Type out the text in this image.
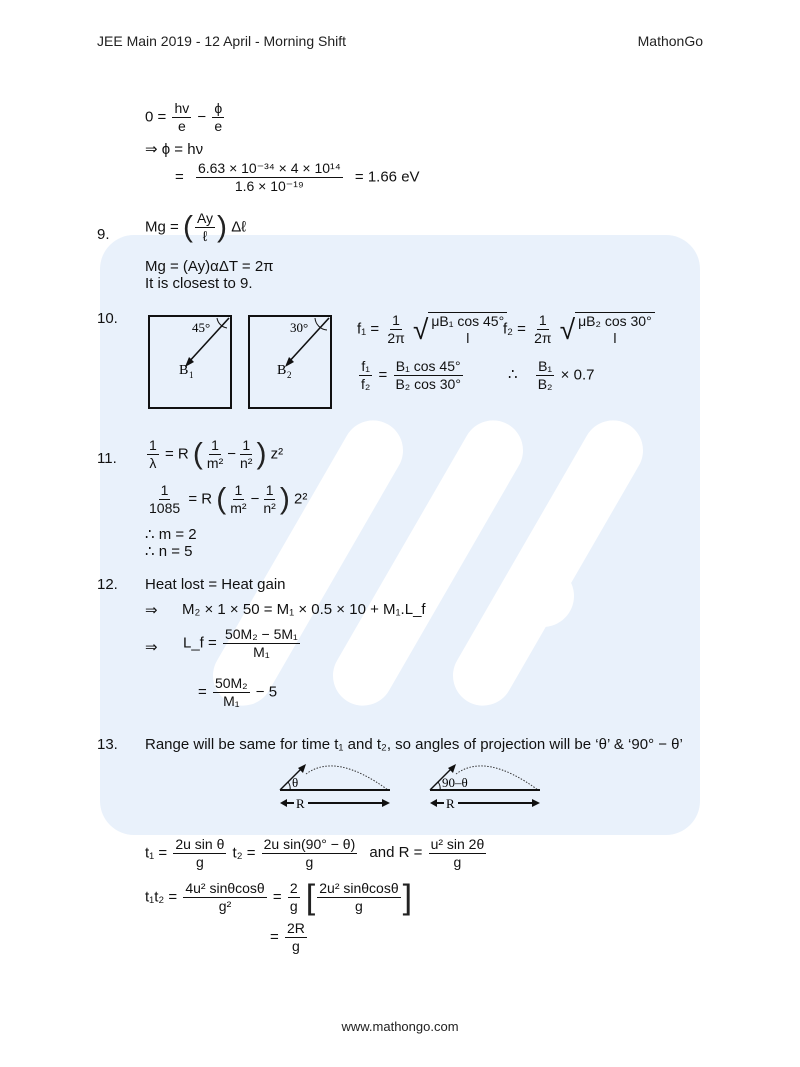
JEE Main 2019 - 12 April - Morning Shift	MathonGo
$0 = \frac{hv}{e} - \frac{\phi}{e}$
⇒ ϕ = hν
= $\frac{\text{6.63 × 10⁻³⁴ × 4 × 10¹⁴}}{\text{1.6 × 10⁻¹⁹}} = 1.66$ eV
9. Mg = ( $\frac{Ay}{\text{ℓ}}$ ) Δℓ
Mg = (Ay)αΔT = 2π
It is closest to 9.
10.
45°
B 1
30°
B 2
$f_1 = \frac{1}{2\pi}$
√ μB₁ cos 45°
l
$f_2 = \frac{1}{2\pi}$
√ μB₂ cos 30°
l
$\frac{\text{f₁}}{\text{f₂}} = \frac{\text{B₁ cos 45°}}{\text{B₂ cos 30°}}$	∴ $\frac{\text{B₁}}{\text{B₂}} \times 0.7$
11. $\frac{1}{\lambda} = R$ ( $\frac{1}{\text{m²}} - \frac{1}{\text{n²}}$ ) z²
$\frac{1}{1085} = R$ ( $\frac{1}{\text{m²}} - \frac{1}{\text{n²}}$ ) 2²
∴ m = 2
∴ n = 5
12. Heat lost = Heat gain
⇒ M₂ × 1 × 50 = M₁ × 0.5 × 10 + M₁.L_f
⇒ L_f = $\frac{\text{50M₂ − 5M₁}}{\text{M₁}}$
= $\frac{\text{50M₂}}{\text{M₁}} - 5$
13. Range will be same for time t₁ and t₂, so angles of projection will be ‘θ’ & ‘90° − θ’
θ
R
90–θ
R
$t_1 = \frac{\text{2u sin θ}}{g} t_2 = \frac{\text{2u sin(90° − θ)}}{g}$ and $R = \frac{\text{u² sin 2θ}}{g}$
$t_1t_2 = \frac{\text{4u² sinθcosθ}}{\text{g²}} = \frac{2}{g}$ [ $\frac{\text{2u² sinθcosθ}}{g}$ ]
= $\frac{2R}{g}$
www.mathongo.com
